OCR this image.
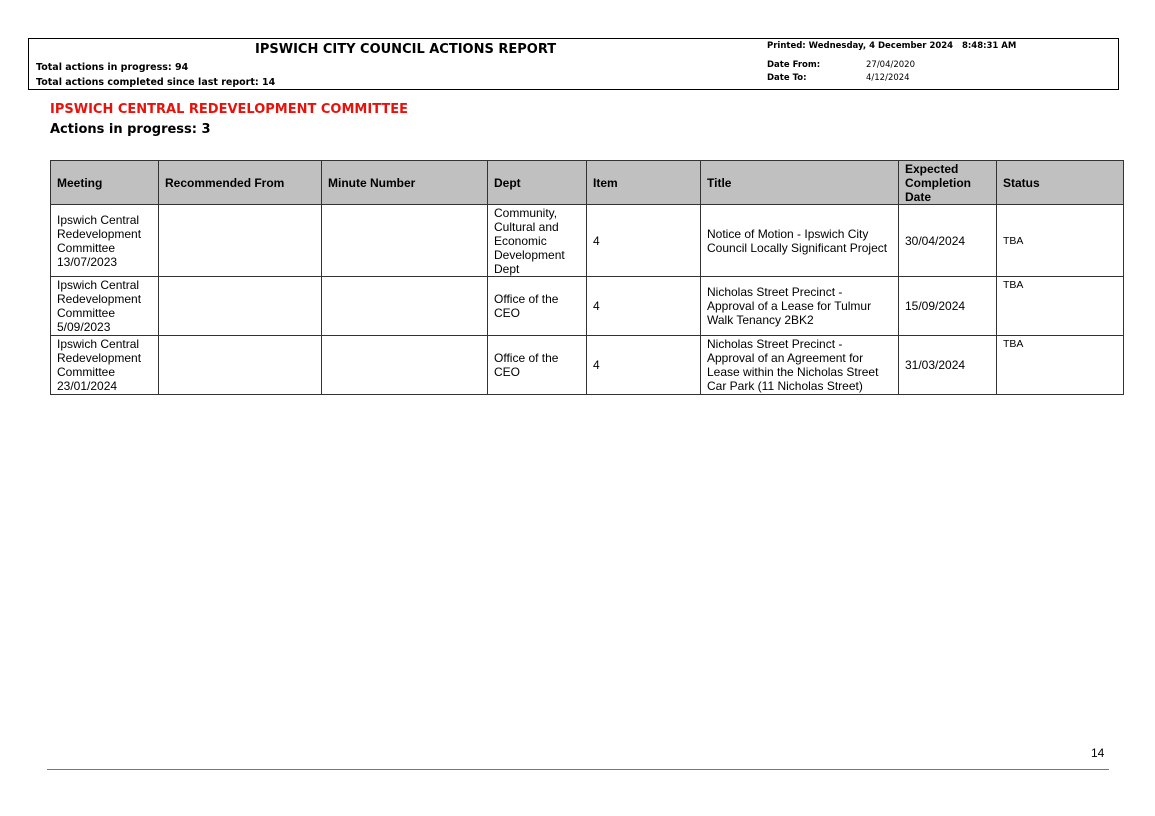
IPSWICH CITY COUNCIL ACTIONS REPORT
Total actions in progress: 94
Total actions completed since last report: 14
Printed: Wednesday, 4 December 2024   8:48:31 AM
Date From:	27/04/2020
Date To:	4/12/2024
IPSWICH CENTRAL REDEVELOPMENT COMMITTEE
Actions in progress: 3
Meeting	Recommended From	Minute Number	Dept	Item	Title	Expected Completion Date	Status
Ipswich Central Redevelopment Committee 13/07/2023			Community, Cultural and Economic Development Dept	4	Notice of Motion - Ipswich City Council Locally Significant Project	30/04/2024	TBA
Ipswich Central Redevelopment Committee 5/09/2023			Office of the CEO	4	Nicholas Street Precinct - Approval of a Lease for Tulmur Walk Tenancy 2BK2	15/09/2024	TBA
Ipswich Central Redevelopment Committee 23/01/2024			Office of the CEO	4	Nicholas Street Precinct - Approval of an Agreement for Lease within the Nicholas Street Car Park (11 Nicholas Street)	31/03/2024	TBA
14
